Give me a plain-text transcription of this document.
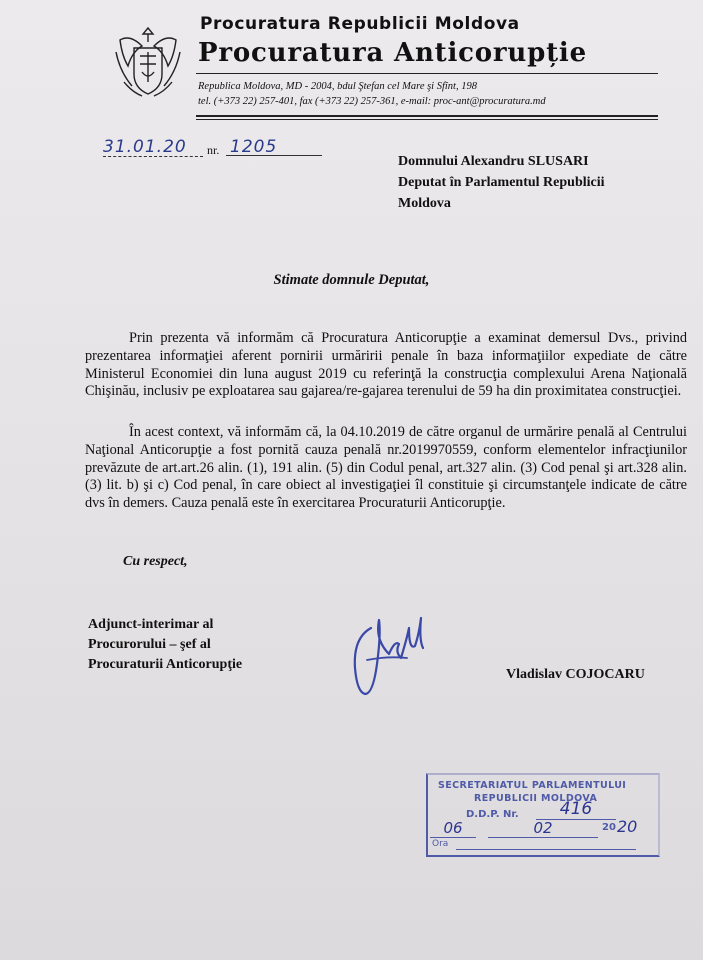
Procuratura Republicii Moldova
Procuratura Anticorupție
Republica Moldova, MD - 2004, bdul Ştefan cel Mare şi Sfînt, 198
tel. (+373 22) 257-401, fax (+373 22) 257-361, e-mail: proc-ant@procuratura.md
31.01.20	nr. 1205
Domnului Alexandru SLUSARI
Deputat în Parlamentul Republicii
Moldova
Stimate domnule Deputat,
Prin prezenta vă informăm că Procuratura Anticorupţie a examinat demersul Dvs., privind prezentarea informaţiei aferent pornirii urmăririi penale în baza informaţiilor expediate de către Ministerul Economiei din luna august 2019 cu referinţă la construcţia complexului Arena Naţională Chişinău, inclusiv pe exploatarea sau gajarea/re-gajarea terenului de 59 ha din proximitatea construcţiei.
În acest context, vă informăm că, la 04.10.2019 de către organul de urmărire penală al Centrului Naţional Anticorupţie a fost pornită cauza penală nr.2019970559, conform elementelor infracţiunilor prevăzute de art.art.26 alin. (1), 191 alin. (5) din Codul penal, art.327 alin. (3) Cod penal şi art.328 alin.(3) lit. b) şi c) Cod penal, în care obiect al investigaţiei îl constituie şi circumstanţele indicate de către dvs în demers. Cauza penală este în exercitarea Procuraturii Anticorupţie.
Cu respect,
Adjunct-interimar al
Procurorului – şef al
Procuraturii Anticorupţie
Vladislav COJOCARU
SECRETARIATUL PARLAMENTULUI
REPUBLICII MOLDOVA
D.D.P. Nr.	416
06	02	20 20
Ora
